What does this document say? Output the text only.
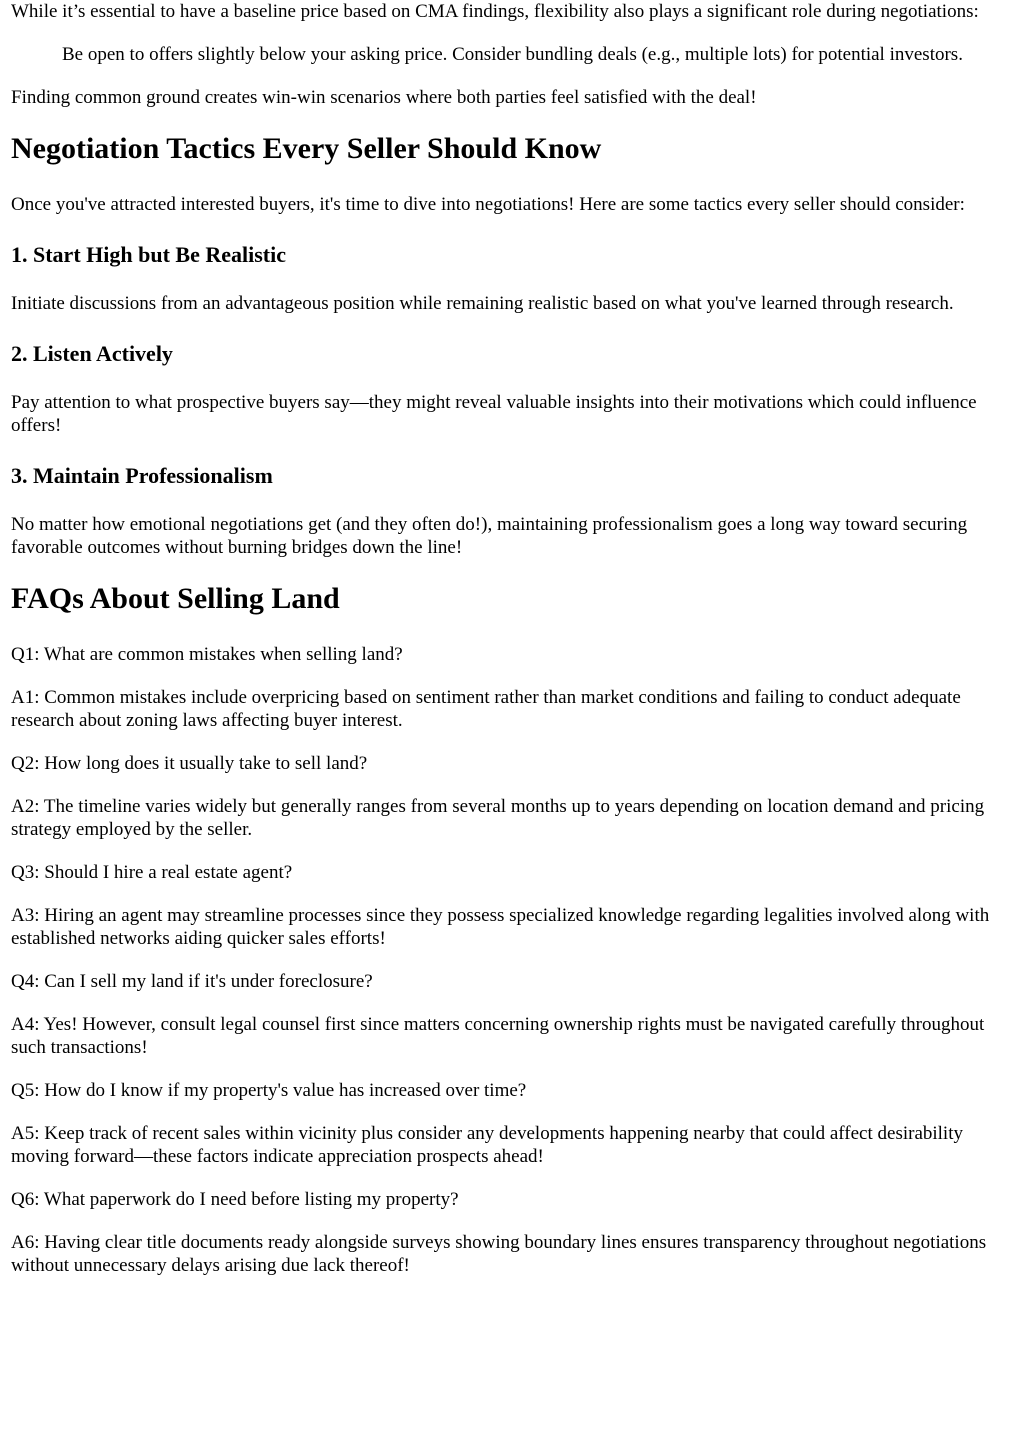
While it’s essential to have a baseline price based on CMA findings, flexibility also plays a significant role during negotiations:

Be open to offers slightly below your asking price. Consider bundling deals (e.g., multiple lots) for potential investors.

Finding common ground creates win-win scenarios where both parties feel satisfied with the deal!

Negotiation Tactics Every Seller Should Know

Once you've attracted interested buyers, it's time to dive into negotiations! Here are some tactics every seller should consider:

1. Start High but Be Realistic

Initiate discussions from an advantageous position while remaining realistic based on what you've learned through research.

2. Listen Actively

Pay attention to what prospective buyers say—they might reveal valuable insights into their motivations which could influence offers!

3. Maintain Professionalism

No matter how emotional negotiations get (and they often do!), maintaining professionalism goes a long way toward securing favorable outcomes without burning bridges down the line!

FAQs About Selling Land

Q1: What are common mistakes when selling land?

A1: Common mistakes include overpricing based on sentiment rather than market conditions and failing to conduct adequate research about zoning laws affecting buyer interest.

Q2: How long does it usually take to sell land?

A2: The timeline varies widely but generally ranges from several months up to years depending on location demand and pricing strategy employed by the seller.

Q3: Should I hire a real estate agent?

A3: Hiring an agent may streamline processes since they possess specialized knowledge regarding legalities involved along with established networks aiding quicker sales efforts!

Q4: Can I sell my land if it's under foreclosure?

A4: Yes! However, consult legal counsel first since matters concerning ownership rights must be navigated carefully throughout such transactions!

Q5: How do I know if my property's value has increased over time?

A5: Keep track of recent sales within vicinity plus consider any developments happening nearby that could affect desirability moving forward—these factors indicate appreciation prospects ahead!

Q6: What paperwork do I need before listing my property?

A6: Having clear title documents ready alongside surveys showing boundary lines ensures transparency throughout negotiations without unnecessary delays arising due lack thereof!
